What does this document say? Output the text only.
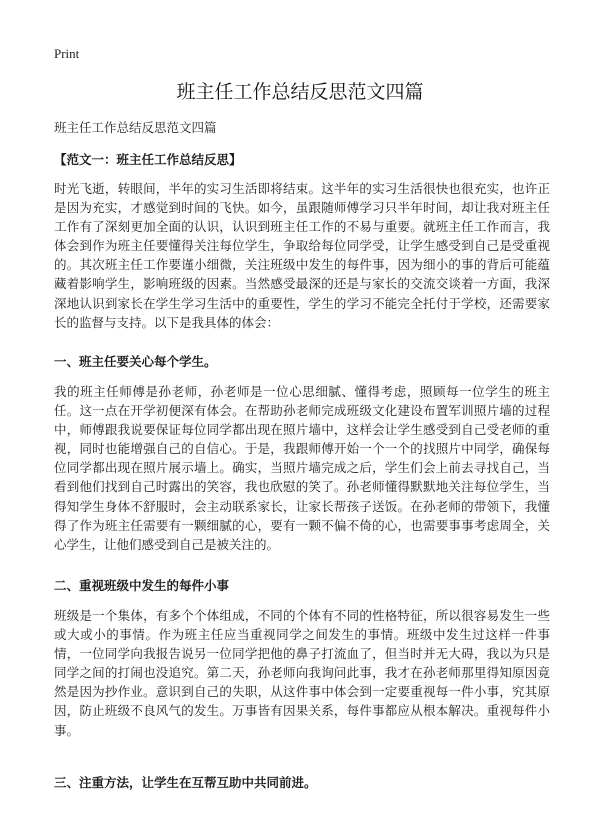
Print
班主任工作总结反思范文四篇
班主任工作总结反思范文四篇
【范文一：班主任工作总结反思】

时光飞逝，转眼间，半年的实习生活即将结束。这半年的实习生活很快也很充实，也许正是因为充实，才感觉到时间的飞快。如今，虽跟随师傅学习只半年时间，却让我对班主任工作有了深刻更加全面的认识，认识到班主任工作的不易与重要。就班主任工作而言，我体会到作为班主任要懂得关注每位学生，争取给每位同学受，让学生感受到自己是受重视的。其次班主任工作要谨小细微，关注班级中发生的每件事，因为细小的事的背后可能蕴藏着影响学生，影响班级的因素。当然感受最深的还是与家长的交流交谈着一方面，我深深地认识到家长在学生学习生活中的重要性，学生的学习不能完全托付于学校，还需要家长的监督与支持。以下是我具体的体会：

一、班主任要关心每个学生。

我的班主任师傅是孙老师，孙老师是一位心思细腻、懂得考虑，照顾每一位学生的班主任。这一点在开学初便深有体会。在帮助孙老师完成班级文化建设布置军训照片墙的过程中，师傅跟我说要保证每位同学都出现在照片墙中，这样会让学生感受到自己受老师的重视，同时也能增强自己的自信心。于是，我跟师傅开始一个一个的找照片中同学，确保每位同学都出现在照片展示墙上。确实，当照片墙完成之后，学生们会上前去寻找自己，当看到他们找到自己时露出的笑容，我也欣慰的笑了。孙老师懂得默默地关注每位学生，当得知学生身体不舒服时，会主动联系家长，让家长帮孩子送饭。在孙老师的带领下，我懂得了作为班主任需要有一颗细腻的心，要有一颗不偏不倚的心，也需要事事考虑周全，关心学生，让他们感受到自己是被关注的。

二、重视班级中发生的每件小事

班级是一个集体，有多个个体组成，不同的个体有不同的性格特征，所以很容易发生一些或大或小的事情。作为班主任应当重视同学之间发生的事情。班级中发生过这样一件事情，一位同学向我报告说另一位同学把他的鼻子打流血了，但当时并无大碍，我以为只是同学之间的打闹也没追究。第二天，孙老师向我询问此事，我才在孙老师那里得知原因竟然是因为抄作业。意识到自己的失职，从这件事中体会到一定要重视每一件小事，究其原因，防止班级不良风气的发生。万事皆有因果关系，每件事都应从根本解决。重视每件小事。

三、注重方法，让学生在互帮互助中共同前进。
